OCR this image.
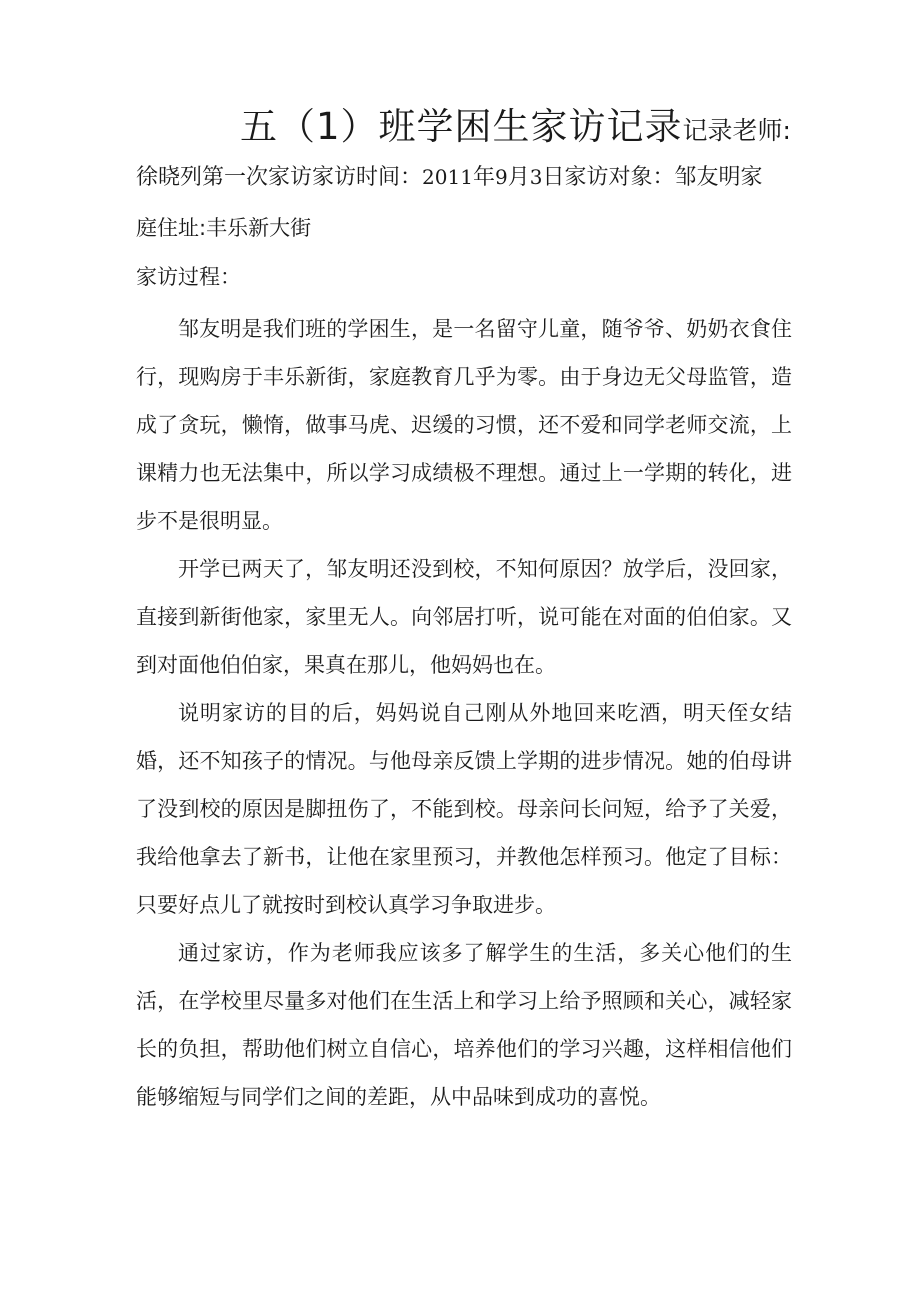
五（1）班学困生家访记录记录老师:
徐晓列第一次家访家访时间：2011年9月3日家访对象：邹友明家
庭住址:丰乐新大街
家访过程：

邹友明是我们班的学困生，是一名留守儿童，随爷爷、奶奶衣食住行，现购房于丰乐新街，家庭教育几乎为零。由于身边无父母监管，造成了贪玩，懒惰，做事马虎、迟缓的习惯，还不爱和同学老师交流，上课精力也无法集中，所以学习成绩极不理想。通过上一学期的转化，进步不是很明显。

开学已两天了，邹友明还没到校，不知何原因？放学后，没回家，直接到新街他家，家里无人。向邻居打听，说可能在对面的伯伯家。又到对面他伯伯家，果真在那儿，他妈妈也在。

说明家访的目的后，妈妈说自己刚从外地回来吃酒，明天侄女结婚，还不知孩子的情况。与他母亲反馈上学期的进步情况。她的伯母讲了没到校的原因是脚扭伤了，不能到校。母亲问长问短，给予了关爱，我给他拿去了新书，让他在家里预习，并教他怎样预习。他定了目标：只要好点儿了就按时到校认真学习争取进步。

通过家访，作为老师我应该多了解学生的生活，多关心他们的生活，在学校里尽量多对他们在生活上和学习上给予照顾和关心，减轻家长的负担，帮助他们树立自信心，培养他们的学习兴趣，这样相信他们能够缩短与同学们之间的差距，从中品味到成功的喜悦。
